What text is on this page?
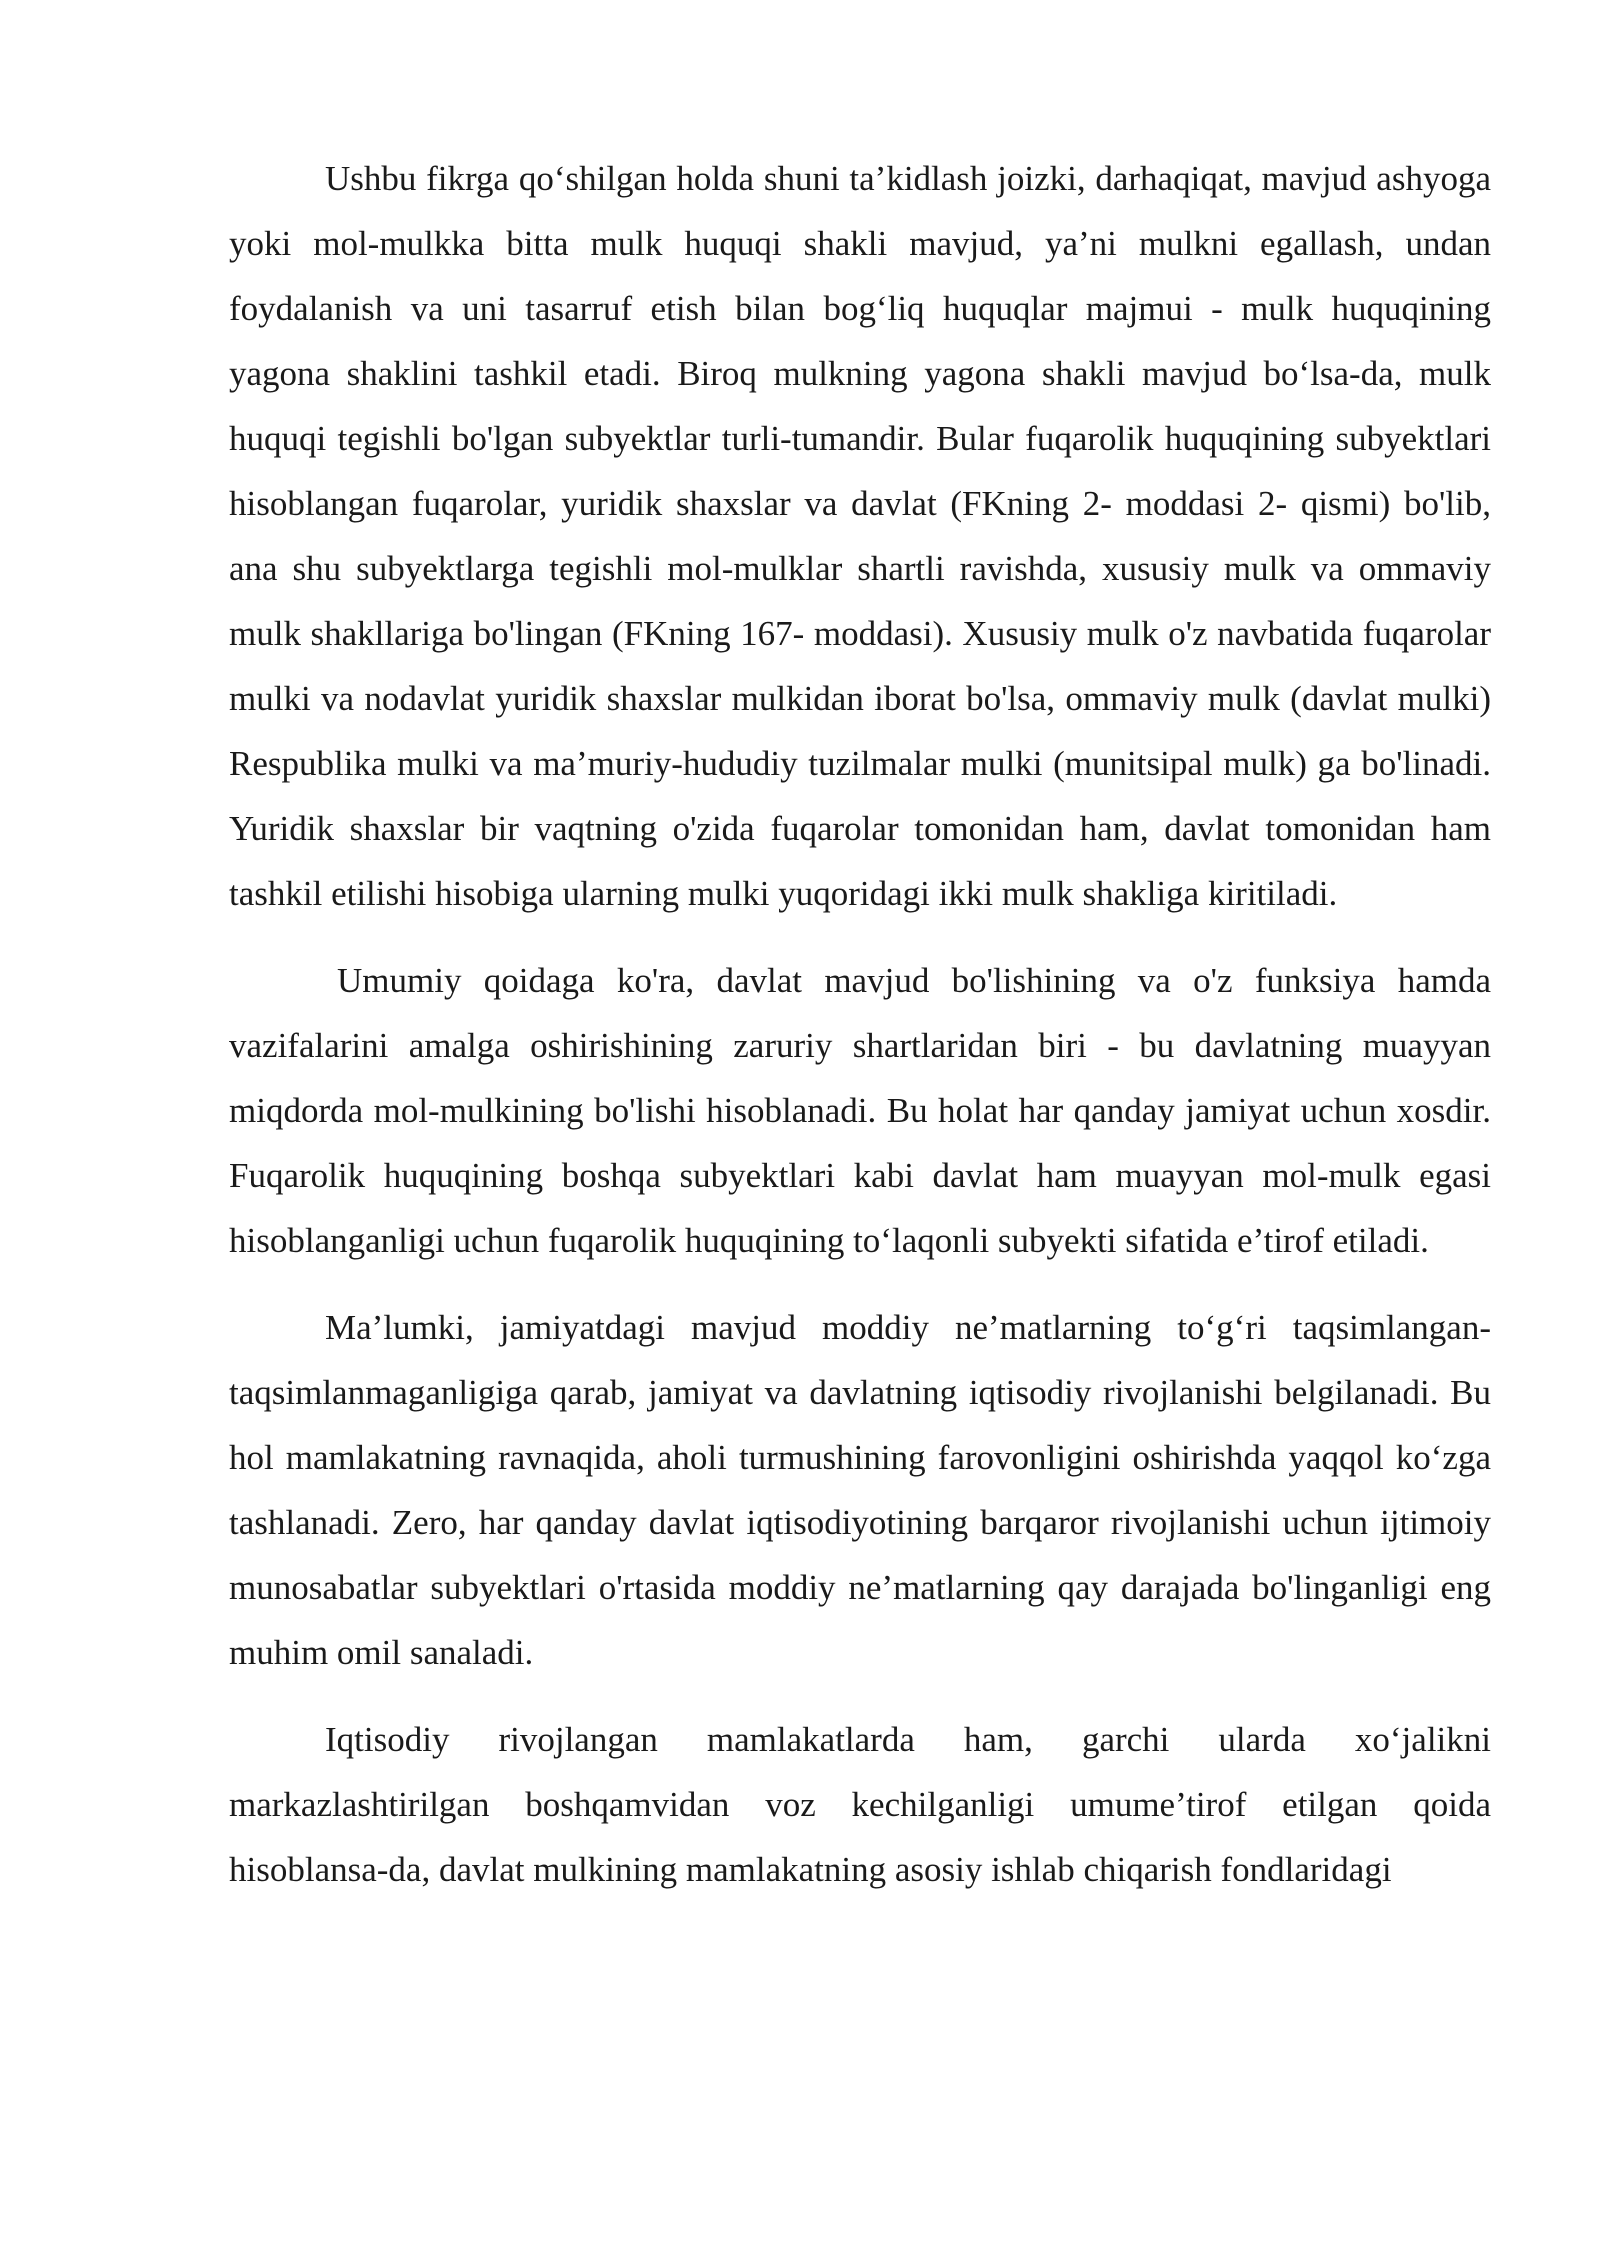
Ushbu fikrga qo‘shilgan holda shuni ta’kidlash joizki, darhaqiqat, mavjud ashyoga yoki mol-mulkka bitta mulk huquqi shakli mavjud, ya’ni mulkni egallash, undan foydalanish va uni tasarruf etish bilan bog‘liq huquqlar majmui - mulk huquqining yagona shaklini tashkil etadi. Biroq mulkning yagona shakli mavjud bo‘lsa-da, mulk huquqi tegishli bo'lgan subyektlar turli-tumandir. Bular fuqarolik huquqining subyektlari hisoblangan fuqarolar, yuridik shaxslar va davlat (FKning 2- moddasi 2- qismi) bo'lib, ana shu subyektlarga tegishli mol-mulklar shartli ravishda, xususiy mulk va ommaviy mulk shakllariga bo'lingan (FKning 167- moddasi). Xususiy mulk o'z navbatida fuqarolar mulki va nodavlat yuridik shaxslar mulkidan iborat bo'lsa, ommaviy mulk (davlat mulki) Respublika mulki va ma’muriy-hududiy tuzilmalar mulki (munitsipal mulk) ga bo'linadi. Yuridik shaxslar bir vaqtning o'zida fuqarolar tomonidan ham, davlat tomonidan ham tashkil etilishi hisobiga ularning mulki yuqoridagi ikki mulk shakliga kiritiladi.

Umumiy qoidaga ko'ra, davlat mavjud bo'lishining va o'z funksiya hamda vazifalarini amalga oshirishining zaruriy shartlaridan biri - bu davlatning muayyan miqdorda mol-mulkining bo'lishi hisoblanadi. Bu holat har qanday jamiyat uchun xosdir. Fuqarolik huquqining boshqa subyektlari kabi davlat ham muayyan mol-mulk egasi hisoblanganligi uchun fuqarolik huquqining to‘laqonli subyekti sifatida e’tirof etiladi.

Ma’lumki, jamiyatdagi mavjud moddiy ne’matlarning to‘g‘ri taqsimlangan-taqsimlanmaganligiga qarab, jamiyat va davlatning iqtisodiy rivojlanishi belgilanadi. Bu hol mamlakatning ravnaqida, aholi turmushining farovonligini oshirishda yaqqol ko‘zga tashlanadi. Zero, har qanday davlat iqtisodiyotining barqaror rivojlanishi uchun ijtimoiy munosabatlar subyektlari o'rtasida moddiy ne’matlarning qay darajada bo'linganligi eng muhim omil sanaladi.

Iqtisodiy rivojlangan mamlakatlarda ham, garchi ularda xo‘jalikni markazlashtirilgan boshqamvidan voz kechilganligi umume’tirof etilgan qoida hisoblansa-da, davlat mulkining mamlakatning asosiy ishlab chiqarish fondlaridagi
